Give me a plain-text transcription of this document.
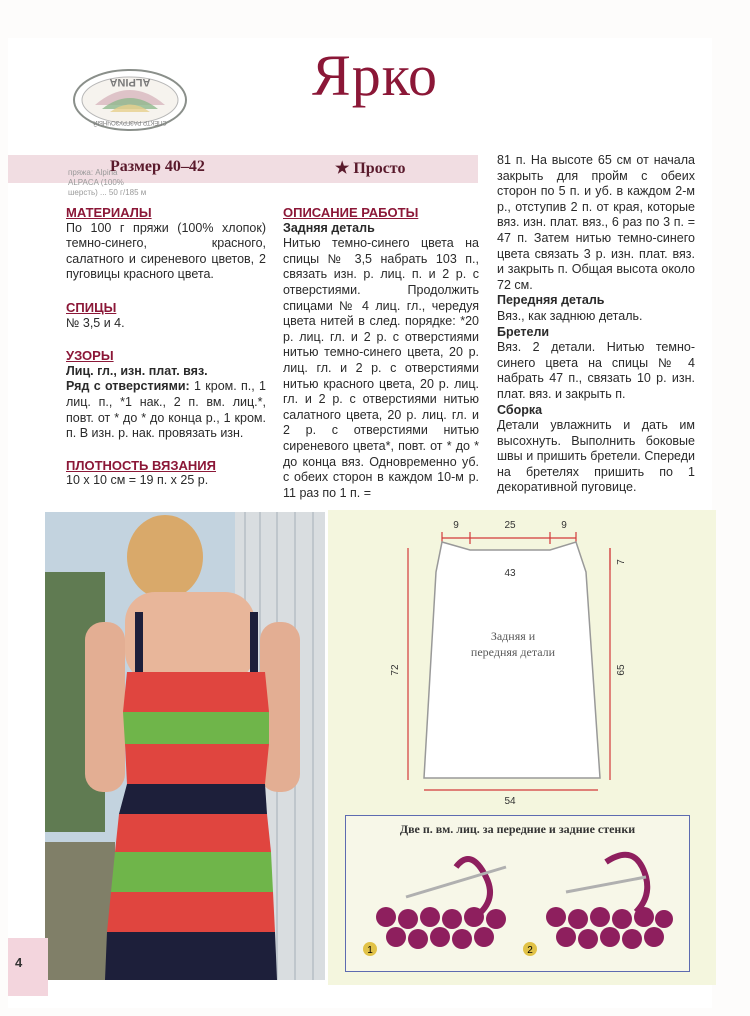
ALPINA
СПЕКТР РАЗГРУЗОЧНЫЙ
Ярко
пряжа: Alpina ALPACA (100% шерсть) ... 50 г/185 м
Размер 40–42	★ Просто
МАТЕРИАЛЫ

По 100 г пряжи (100% хлопок) темно-синего, красного, салатного и сиреневого цветов, 2 пуговицы красного цвета.

СПИЦЫ

№ 3,5 и 4.

УЗОРЫ

Лиц. гл., изн. плат. вяз.

Ряд с отверстиями: 1 кром. п., 1 лиц. п., *1 нак., 2 п. вм. лиц.*, повт. от * до * до конца р., 1 кром. п. В изн. р. нак. провязать изн.

ПЛОТНОСТЬ ВЯЗАНИЯ

10 х 10 см = 19 п. х 25 р.

ОПИСАНИЕ РАБОТЫ

Задняя деталь

Нитью темно-синего цвета на спицы № 3,5 набрать 103 п., связать изн. р. лиц. п. и 2 р. с отверстиями. Продолжить спицами № 4 лиц. гл., чередуя цвета нитей в след. порядке: *20 р. лиц. гл. и 2 р. с отверстиями нитью темно-синего цвета, 20 р. лиц. гл. и 2 р. с отверстиями нитью красного цвета, 20 р. лиц. гл. и 2 р. с отверстиями нитью салатного цвета, 20 р. лиц. гл. и 2 р. с отверстиями нитью сиреневого цвета*, повт. от * до * до конца вяз. Одновременно уб. с обеих сторон в каждом 10-м р. 11 раз по 1 п. =

81 п. На высоте 65 см от начала закрыть для пройм с обеих сторон по 5 п. и уб. в каждом 2-м р., отступив 2 п. от края, которые вяз. изн. плат. вяз., 6 раз по 3 п. = 47 п. Затем нитью темно-синего цвета связать 3 р. изн. плат. вяз. и закрыть п. Общая высота около 72 см.

Передняя деталь

Вяз., как заднюю деталь.

Бретели

Вяз. 2 детали. Нитью темно-синего цвета на спицы № 4 набрать 47 п., связать 10 р. изн. плат. вяз. и закрыть п.

Сборка

Детали увлажнить и дать им высохнуть. Выполнить боковые швы и пришить бретели. Спереди на бретелях пришить по 1 декоративной пуговице.

9	25	9
43
54
72	65
7
Задняя и передняя детали
Две п. вм. лиц. за передние и задние стенки
1	2
4
